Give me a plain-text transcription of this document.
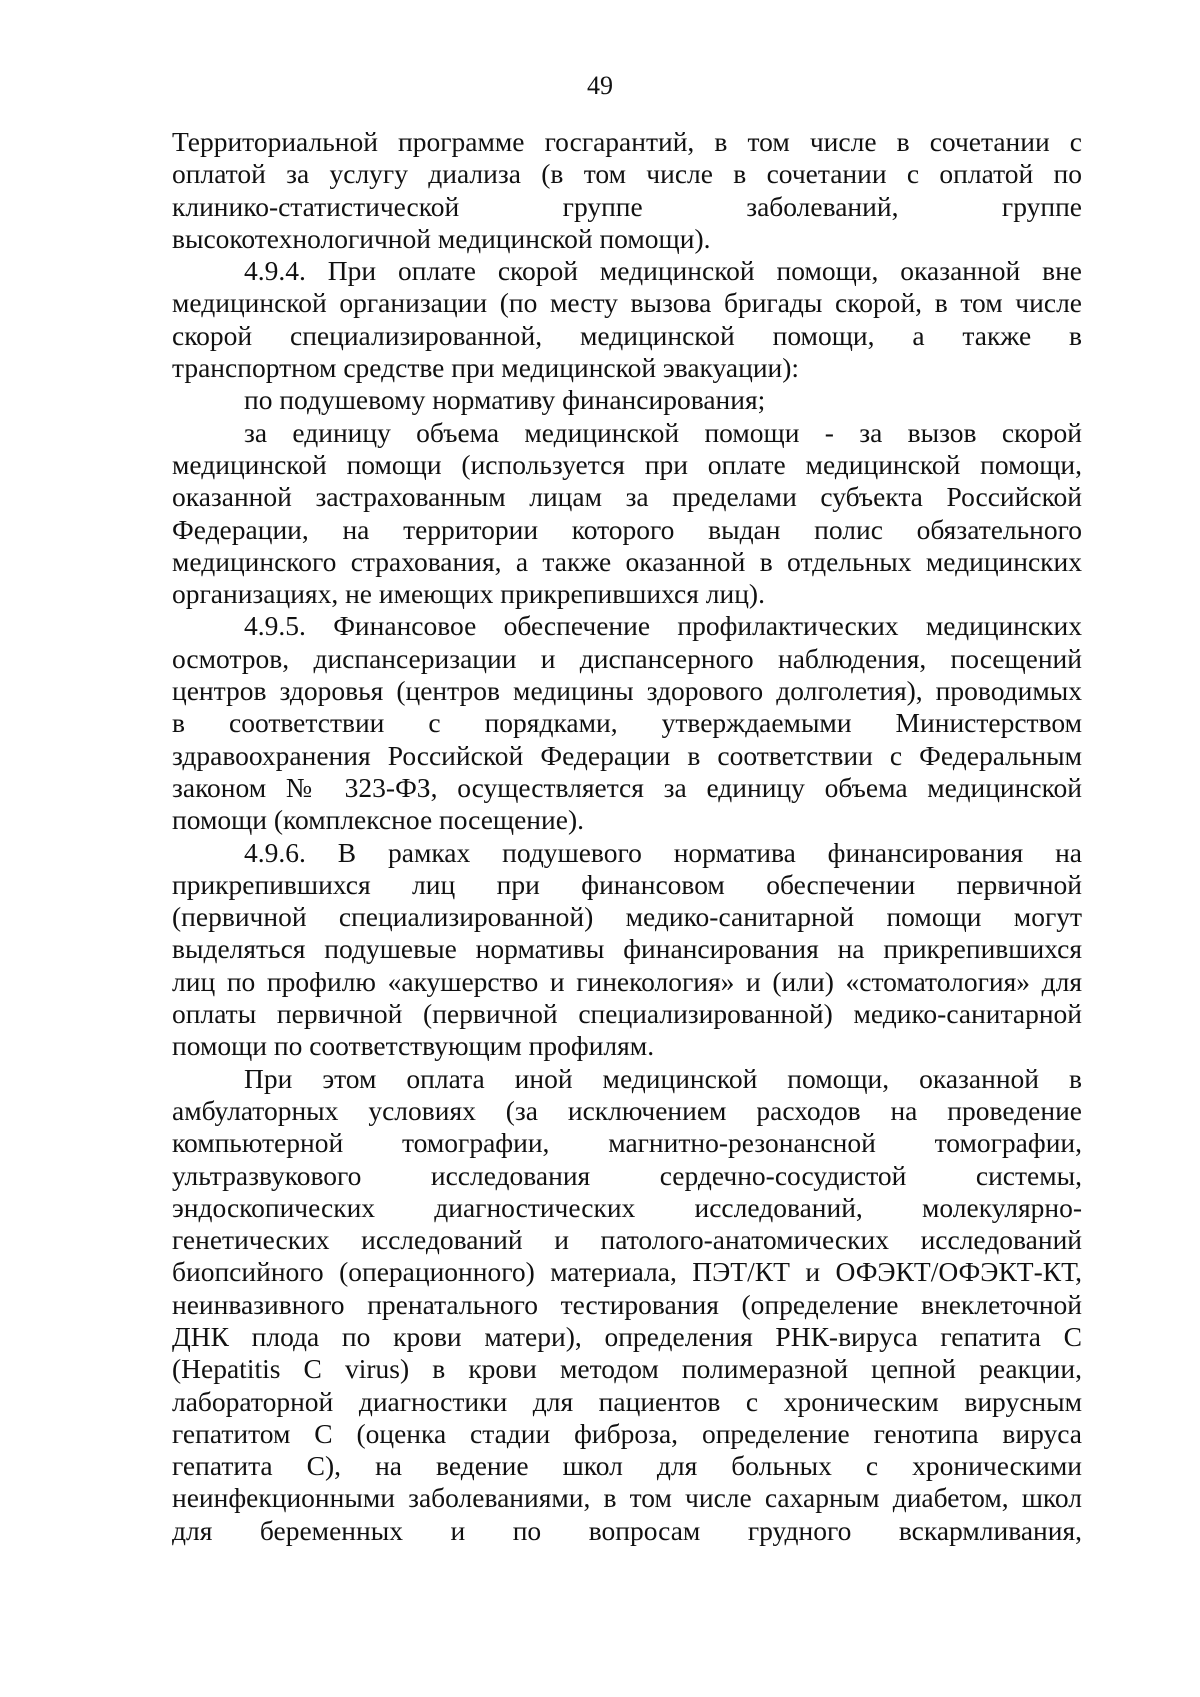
49
Территориальной программе госгарантий, в том числе в сочетании с
оплатой за услугу диализа (в том числе в сочетании с оплатой по
клинико-статистической группе заболеваний, группе
высокотехнологичной медицинской помощи).
4.9.4. При оплате скорой медицинской помощи, оказанной вне
медицинской организации (по месту вызова бригады скорой, в том числе
скорой специализированной, медицинской помощи, а также в
транспортном средстве при медицинской эвакуации):
по подушевому нормативу финансирования;
за единицу объема медицинской помощи - за вызов скорой
медицинской помощи (используется при оплате медицинской помощи,
оказанной застрахованным лицам за пределами субъекта Российской
Федерации, на территории которого выдан полис обязательного
медицинского страхования, а также оказанной в отдельных медицинских
организациях, не имеющих прикрепившихся лиц).
4.9.5. Финансовое обеспечение профилактических медицинских
осмотров, диспансеризации и диспансерного наблюдения, посещений
центров здоровья (центров медицины здорового долголетия), проводимых
в соответствии с порядками, утверждаемыми Министерством
здравоохранения Российской Федерации в соответствии с Федеральным
законом № 323-ФЗ, осуществляется за единицу объема медицинской
помощи (комплексное посещение).
4.9.6. В рамках подушевого норматива финансирования на
прикрепившихся лиц при финансовом обеспечении первичной
(первичной специализированной) медико-санитарной помощи могут
выделяться подушевые нормативы финансирования на прикрепившихся
лиц по профилю «акушерство и гинекология» и (или) «стоматология» для
оплаты первичной (первичной специализированной) медико-санитарной
помощи по соответствующим профилям.
При этом оплата иной медицинской помощи, оказанной в
амбулаторных условиях (за исключением расходов на проведение
компьютерной томографии, магнитно-резонансной томографии,
ультразвукового исследования сердечно-сосудистой системы,
эндоскопических диагностических исследований, молекулярно-
генетических исследований и патолого-анатомических исследований
биопсийного (операционного) материала, ПЭТ/КТ и ОФЭКТ/ОФЭКТ-КТ,
неинвазивного пренатального тестирования (определение внеклеточной
ДНК плода по крови матери), определения РНК-вируса гепатита С
(Hepatitis C virus) в крови методом полимеразной цепной реакции,
лабораторной диагностики для пациентов с хроническим вирусным
гепатитом С (оценка стадии фиброза, определение генотипа вируса
гепатита С), на ведение школ для больных с хроническими
неинфекционными заболеваниями, в том числе сахарным диабетом, школ
для беременных и по вопросам грудного вскармливания,
